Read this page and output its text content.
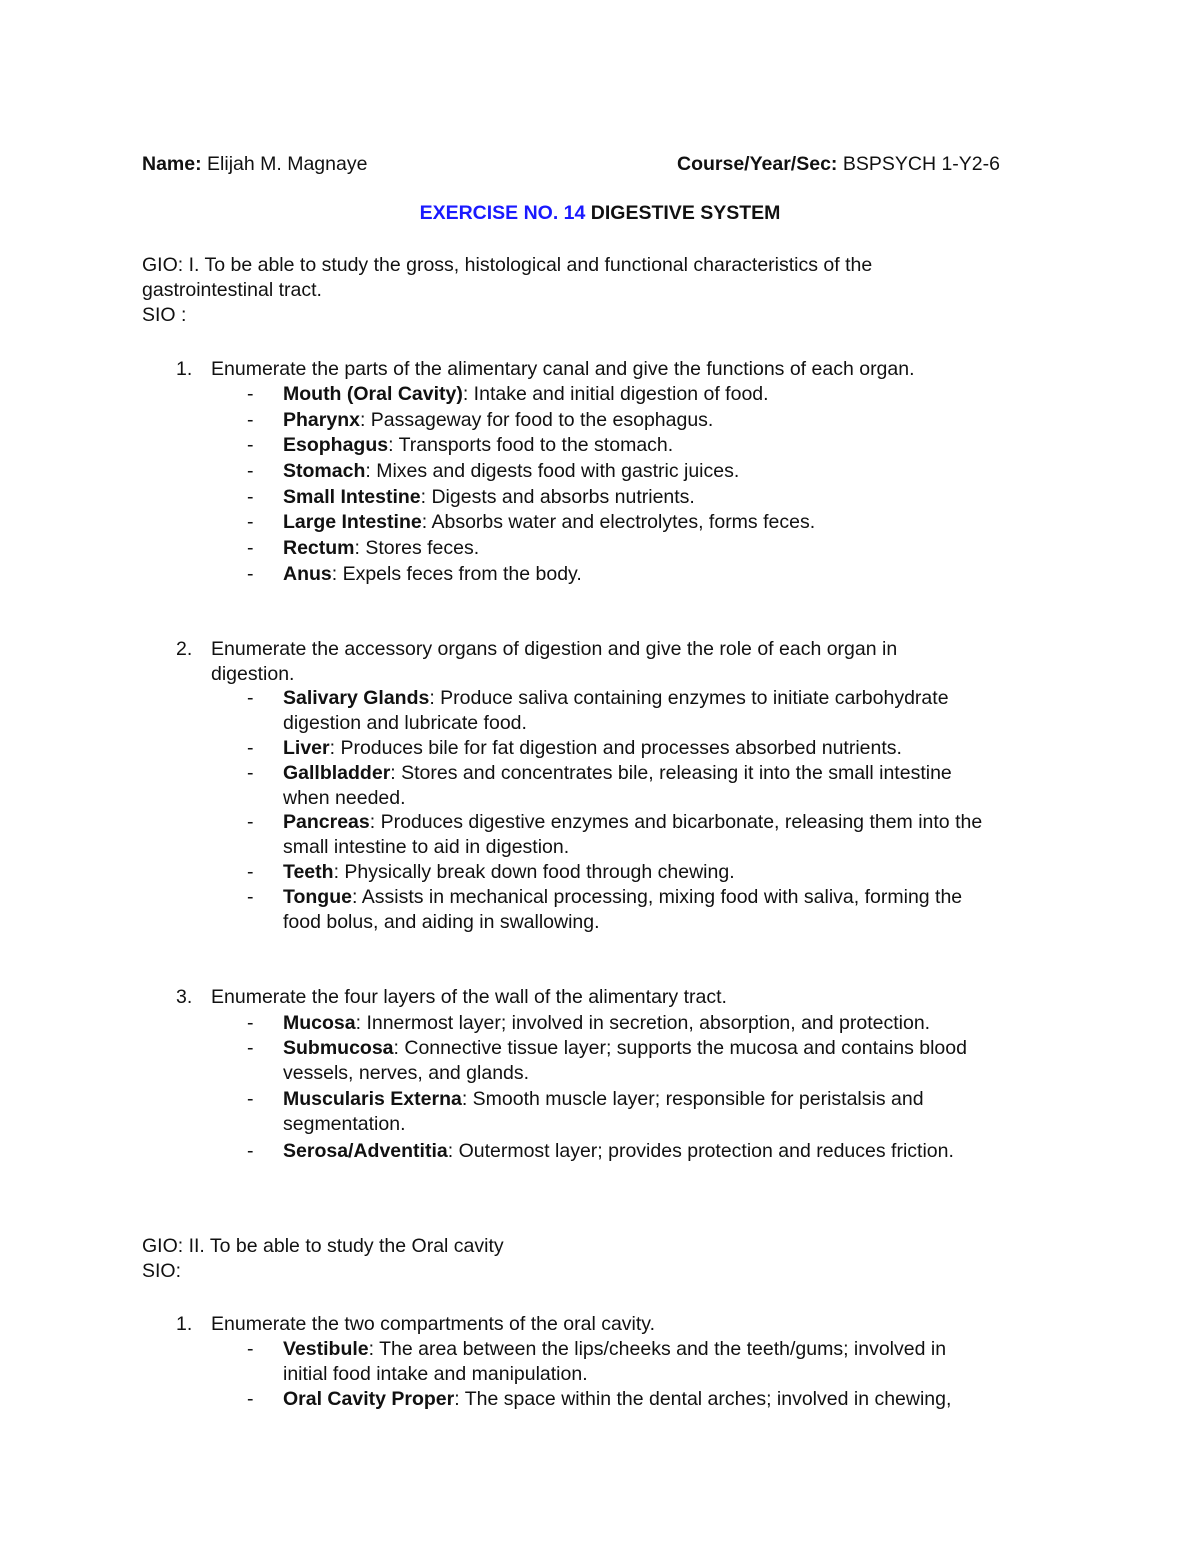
Name: Elijah M. Magnaye	Course/Year/Sec: BSPSYCH 1-Y2-6
EXERCISE NO. 14 DIGESTIVE SYSTEM
GIO: I. To be able to study the gross, histological and functional characteristics of the
gastrointestinal tract.
SIO :
1. Enumerate the parts of the alimentary canal and give the functions of each organ.
- Mouth (Oral Cavity): Intake and initial digestion of food.
- Pharynx: Passageway for food to the esophagus.
- Esophagus: Transports food to the stomach.
- Stomach: Mixes and digests food with gastric juices.
- Small Intestine: Digests and absorbs nutrients.
- Large Intestine: Absorbs water and electrolytes, forms feces.
- Rectum: Stores feces.
- Anus: Expels feces from the body.
2. Enumerate the accessory organs of digestion and give the role of each organ in
digestion.
- Salivary Glands: Produce saliva containing enzymes to initiate carbohydrate
digestion and lubricate food.
- Liver: Produces bile for fat digestion and processes absorbed nutrients.
- Gallbladder: Stores and concentrates bile, releasing it into the small intestine
when needed.
- Pancreas: Produces digestive enzymes and bicarbonate, releasing them into the
small intestine to aid in digestion.
- Teeth: Physically break down food through chewing.
- Tongue: Assists in mechanical processing, mixing food with saliva, forming the
food bolus, and aiding in swallowing.
3. Enumerate the four layers of the wall of the alimentary tract.
- Mucosa: Innermost layer; involved in secretion, absorption, and protection.
- Submucosa: Connective tissue layer; supports the mucosa and contains blood
vessels, nerves, and glands.
- Muscularis Externa: Smooth muscle layer; responsible for peristalsis and
segmentation.
- Serosa/Adventitia: Outermost layer; provides protection and reduces friction.
GIO: II. To be able to study the Oral cavity
SIO:
1. Enumerate the two compartments of the oral cavity.
- Vestibule: The area between the lips/cheeks and the teeth/gums; involved in
initial food intake and manipulation.
- Oral Cavity Proper: The space within the dental arches; involved in chewing,
